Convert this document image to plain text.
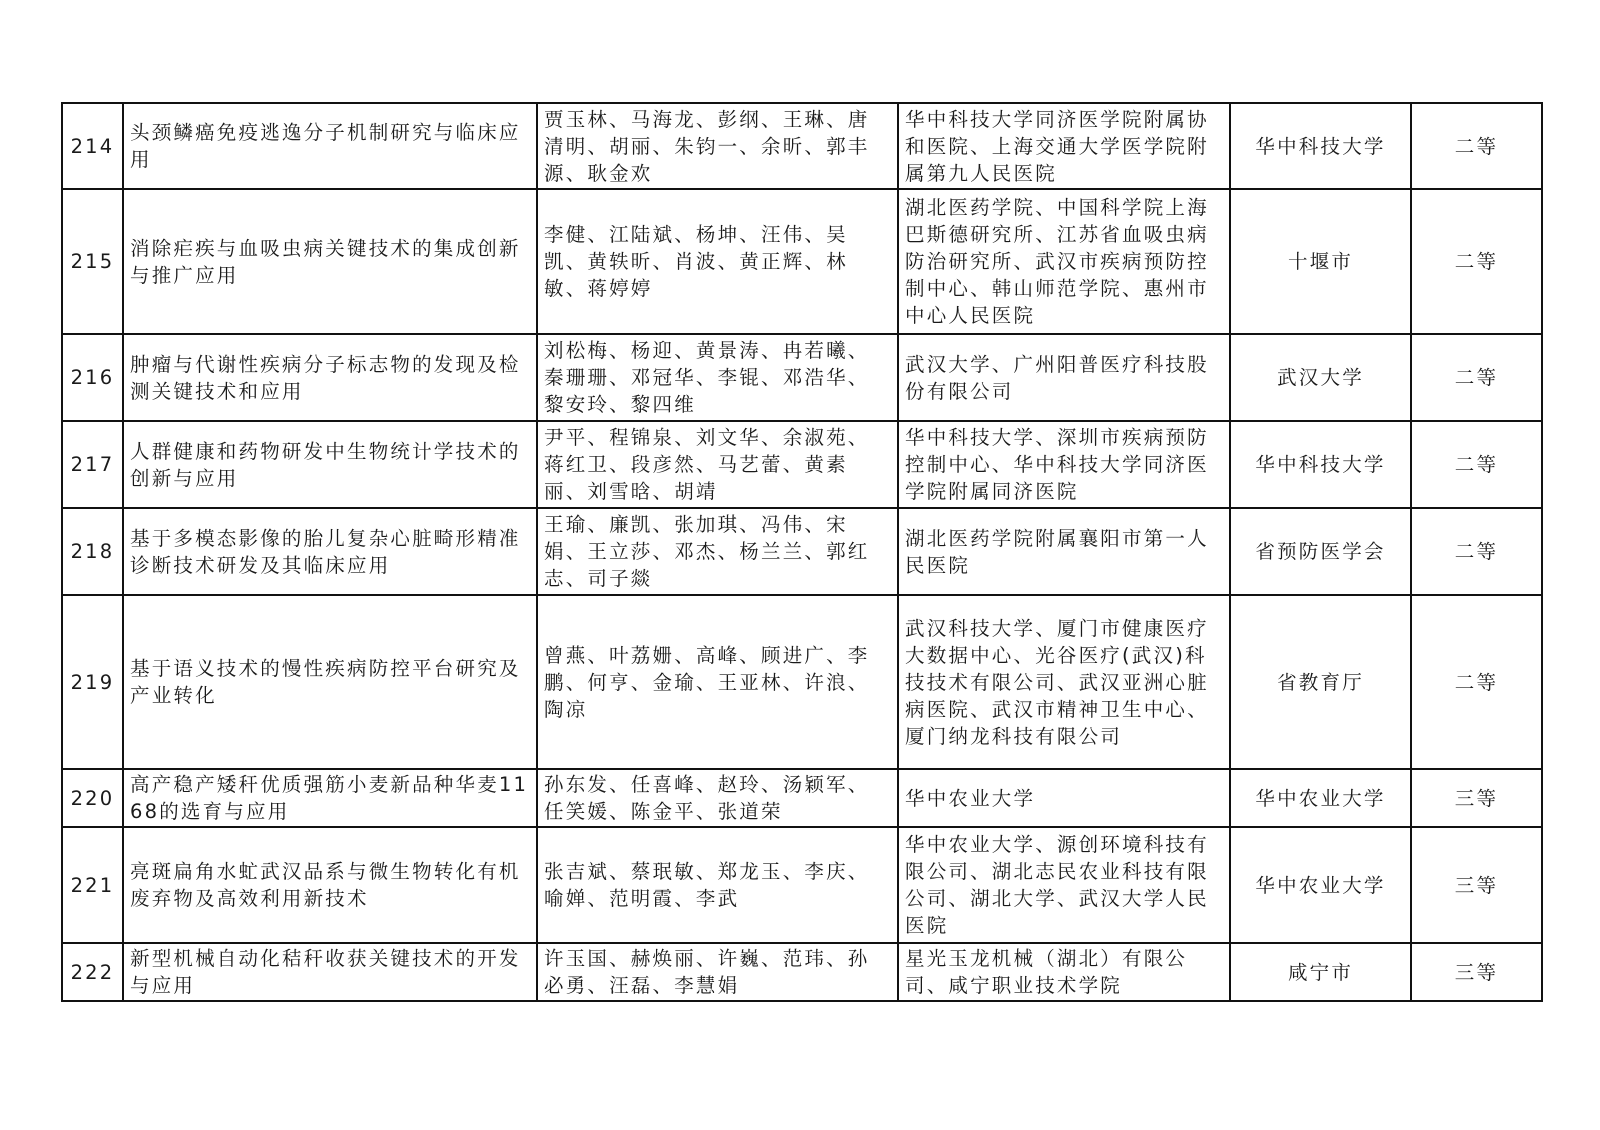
214	头颈鳞癌免疫逃逸分子机制研究与临床应用	贾玉林、马海龙、彭纲、王琳、唐清明、胡丽、朱钧一、余昕、郭丰源、耿金欢	华中科技大学同济医学院附属协和医院、上海交通大学医学院附属第九人民医院	华中科技大学	二等
215	消除疟疾与血吸虫病关键技术的集成创新与推广应用	李健、江陆斌、杨坤、汪伟、吴凯、黄轶昕、肖波、黄正辉、林敏、蒋婷婷	湖北医药学院、中国科学院上海巴斯德研究所、江苏省血吸虫病防治研究所、武汉市疾病预防控制中心、韩山师范学院、惠州市中心人民医院	十堰市	二等
216	肿瘤与代谢性疾病分子标志物的发现及检测关键技术和应用	刘松梅、杨迎、黄景涛、冉若曦、秦珊珊、邓冠华、李锟、邓浩华、黎安玲、黎四维	武汉大学、广州阳普医疗科技股份有限公司	武汉大学	二等
217	人群健康和药物研发中生物统计学技术的创新与应用	尹平、程锦泉、刘文华、余淑苑、蒋红卫、段彦然、马艺蕾、黄素丽、刘雪晗、胡靖	华中科技大学、深圳市疾病预防控制中心、华中科技大学同济医学院附属同济医院	华中科技大学	二等
218	基于多模态影像的胎儿复杂心脏畸形精准诊断技术研发及其临床应用	王瑜、廉凯、张加琪、冯伟、宋娟、王立莎、邓杰、杨兰兰、郭红志、司子燚	湖北医药学院附属襄阳市第一人民医院	省预防医学会	二等
219	基于语义技术的慢性疾病防控平台研究及产业转化	曾燕、叶荔姗、高峰、顾进广、李鹏、何亨、金瑜、王亚林、许浪、陶凉	武汉科技大学、厦门市健康医疗大数据中心、光谷医疗(武汉)科技技术有限公司、武汉亚洲心脏病医院、武汉市精神卫生中心、厦门纳龙科技有限公司	省教育厅	二等
220	高产稳产矮秆优质强筋小麦新品种华麦1168的选育与应用	孙东发、任喜峰、赵玲、汤颖军、任笑媛、陈金平、张道荣	华中农业大学	华中农业大学	三等
221	亮斑扁角水虻武汉品系与微生物转化有机废弃物及高效利用新技术	张吉斌、蔡珉敏、郑龙玉、李庆、喻婵、范明霞、李武	华中农业大学、源创环境科技有限公司、湖北志民农业科技有限公司、湖北大学、武汉大学人民医院	华中农业大学	三等
222	新型机械自动化秸秆收获关键技术的开发与应用	许玉国、赫焕丽、许巍、范玮、孙必勇、汪磊、李慧娟	星光玉龙机械（湖北）有限公司、咸宁职业技术学院	咸宁市	三等
